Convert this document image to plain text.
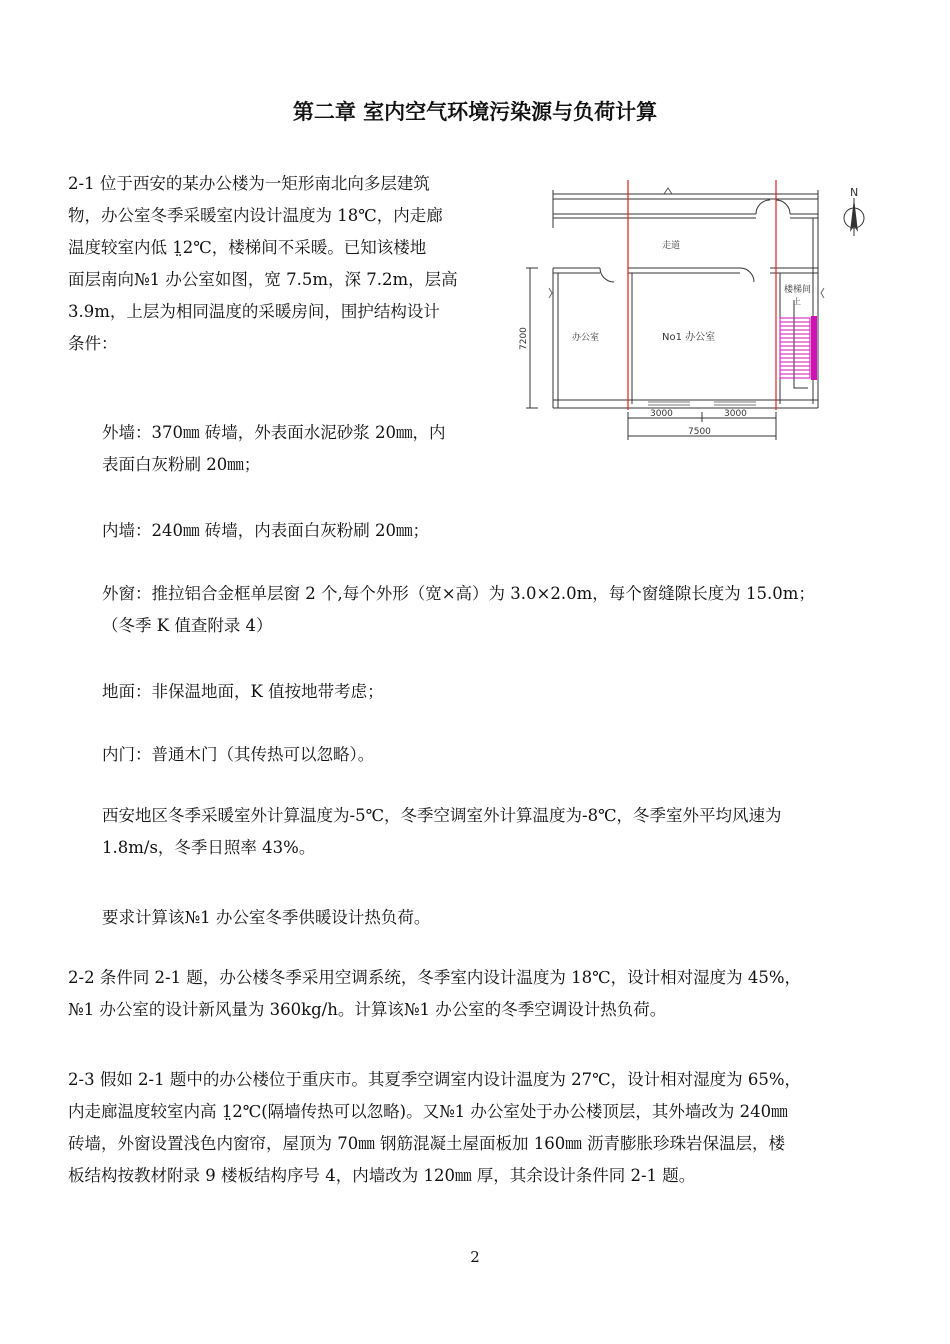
第二章 室内空气环境污染源与负荷计算
2-1 位于西安的某办公楼为一矩形南北向多层建筑
物，办公室冬季采暖室内设计温度为 18℃，内走廊
温度较室内低 1̤2℃，楼梯间不采暖。已知该楼地
面层南向№1 办公室如图，宽 7.5m，深 7.2m，层高
3.9m，上层为相同温度的采暖房间，围护结构设计
条件：
外墙：370㎜ 砖墙，外表面水泥砂浆 20㎜，内
表面白灰粉刷 20㎜；
内墙：240㎜ 砖墙，内表面白灰粉刷 20㎜；
外窗：推拉铝合金框单层窗 2 个,每个外形（宽×高）为 3.0×2.0m，每个窗缝隙长度为 15.0m；
（冬季 K 值查附录 4）
地面：非保温地面，K 值按地带考虑；
内门：普通木门（其传热可以忽略）。
西安地区冬季采暖室外计算温度为-5℃，冬季空调室外计算温度为-8℃，冬季室外平均风速为
1.8m/s，冬季日照率 43%。
要求计算该№1 办公室冬季供暖设计热负荷。
2-2 条件同 2-1 题，办公楼冬季采用空调系统，冬季室内设计温度为 18℃，设计相对湿度为 45%，
№1 办公室的设计新风量为 360kg/h。计算该№1 办公室的冬季空调设计热负荷。
2-3 假如 2-1 题中的办公楼位于重庆市。其夏季空调室内设计温度为 27℃，设计相对湿度为 65%，
内走廊温度较室内高 1̤2℃(隔墙传热可以忽略)。又№1 办公室处于办公楼顶层，其外墙改为 240㎜
砖墙，外窗设置浅色内窗帘，屋顶为 70㎜ 钢筋混凝土屋面板加 160㎜ 沥青膨胀珍珠岩保温层，楼
板结构按教材附录 9 楼板结构序号 4，内墙改为 120㎜ 厚，其余设计条件同 2-1 题。
N
走道
办公室	No1 办公室
楼梯间
上
7200
3000	3000
7500
2
